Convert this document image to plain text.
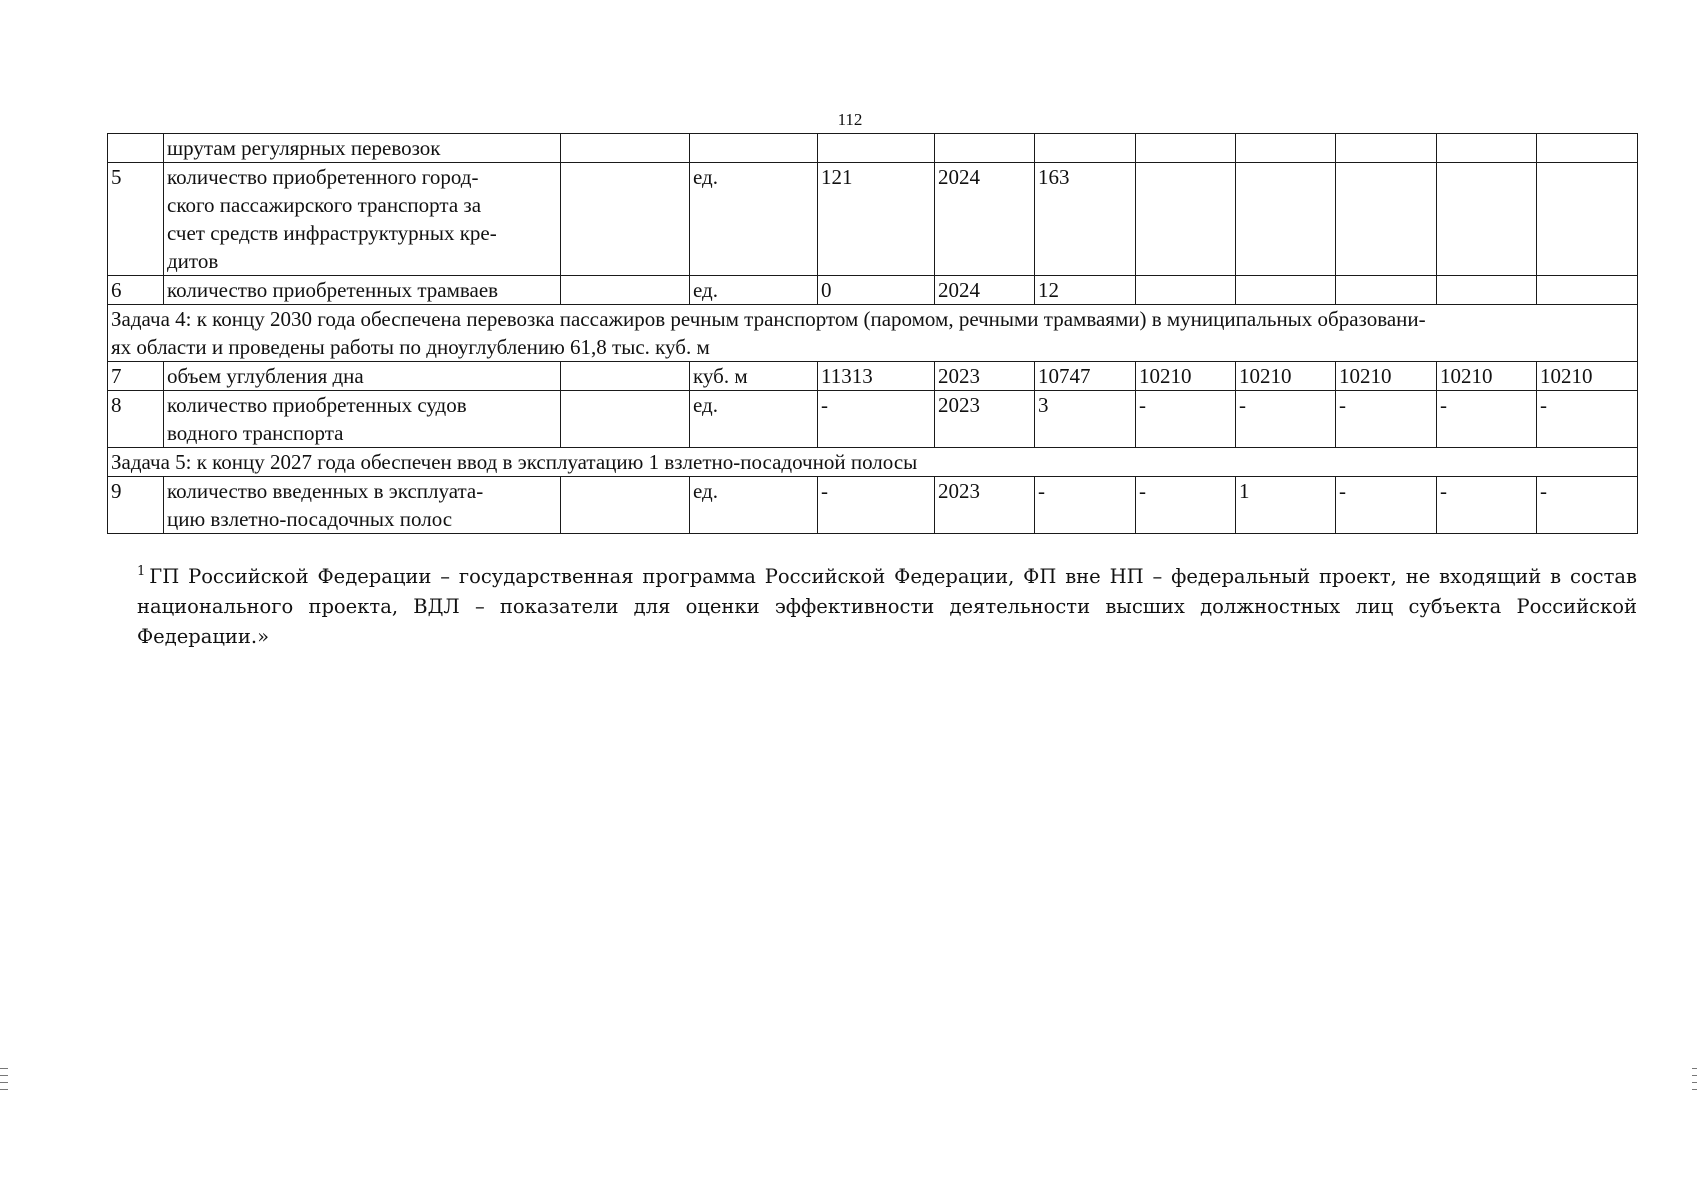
112
	шрутам регулярных перевозок										
5	количество приобретенного город-
ского пассажирского транспорта за
счет средств инфраструктурных кре-
дитов		ед.	121	2024	163					
6	количество приобретенных трамваев		ед.	0	2024	12					
Задача 4: к концу 2030 года обеспечена перевозка пассажиров речным транспортом (паромом, речными трамваями) в муниципальных образовани-
ях области и проведены работы по дноуглублению 61,8 тыс. куб. м											
7	объем углубления дна		куб. м	11313	2023	10747	10210	10210	10210	10210	10210
8	количество приобретенных судов
водного транспорта		ед.	-	2023	3	-	-	-	-	-
Задача 5: к концу 2027 года обеспечен ввод в эксплуатацию 1 взлетно-посадочной полосы											
9	количество введенных в эксплуата-
цию взлетно-посадочных полос		ед.	-	2023	-	-	1	-	-	-
$^1$ ГП Российской Федерации – государственная программа Российской Федерации, ФП вне НП – федеральный проект, не входящий в состав национального проекта, ВДЛ – показатели для оценки эффективности деятельности высших должностных лиц субъекта Российской Федерации.»
